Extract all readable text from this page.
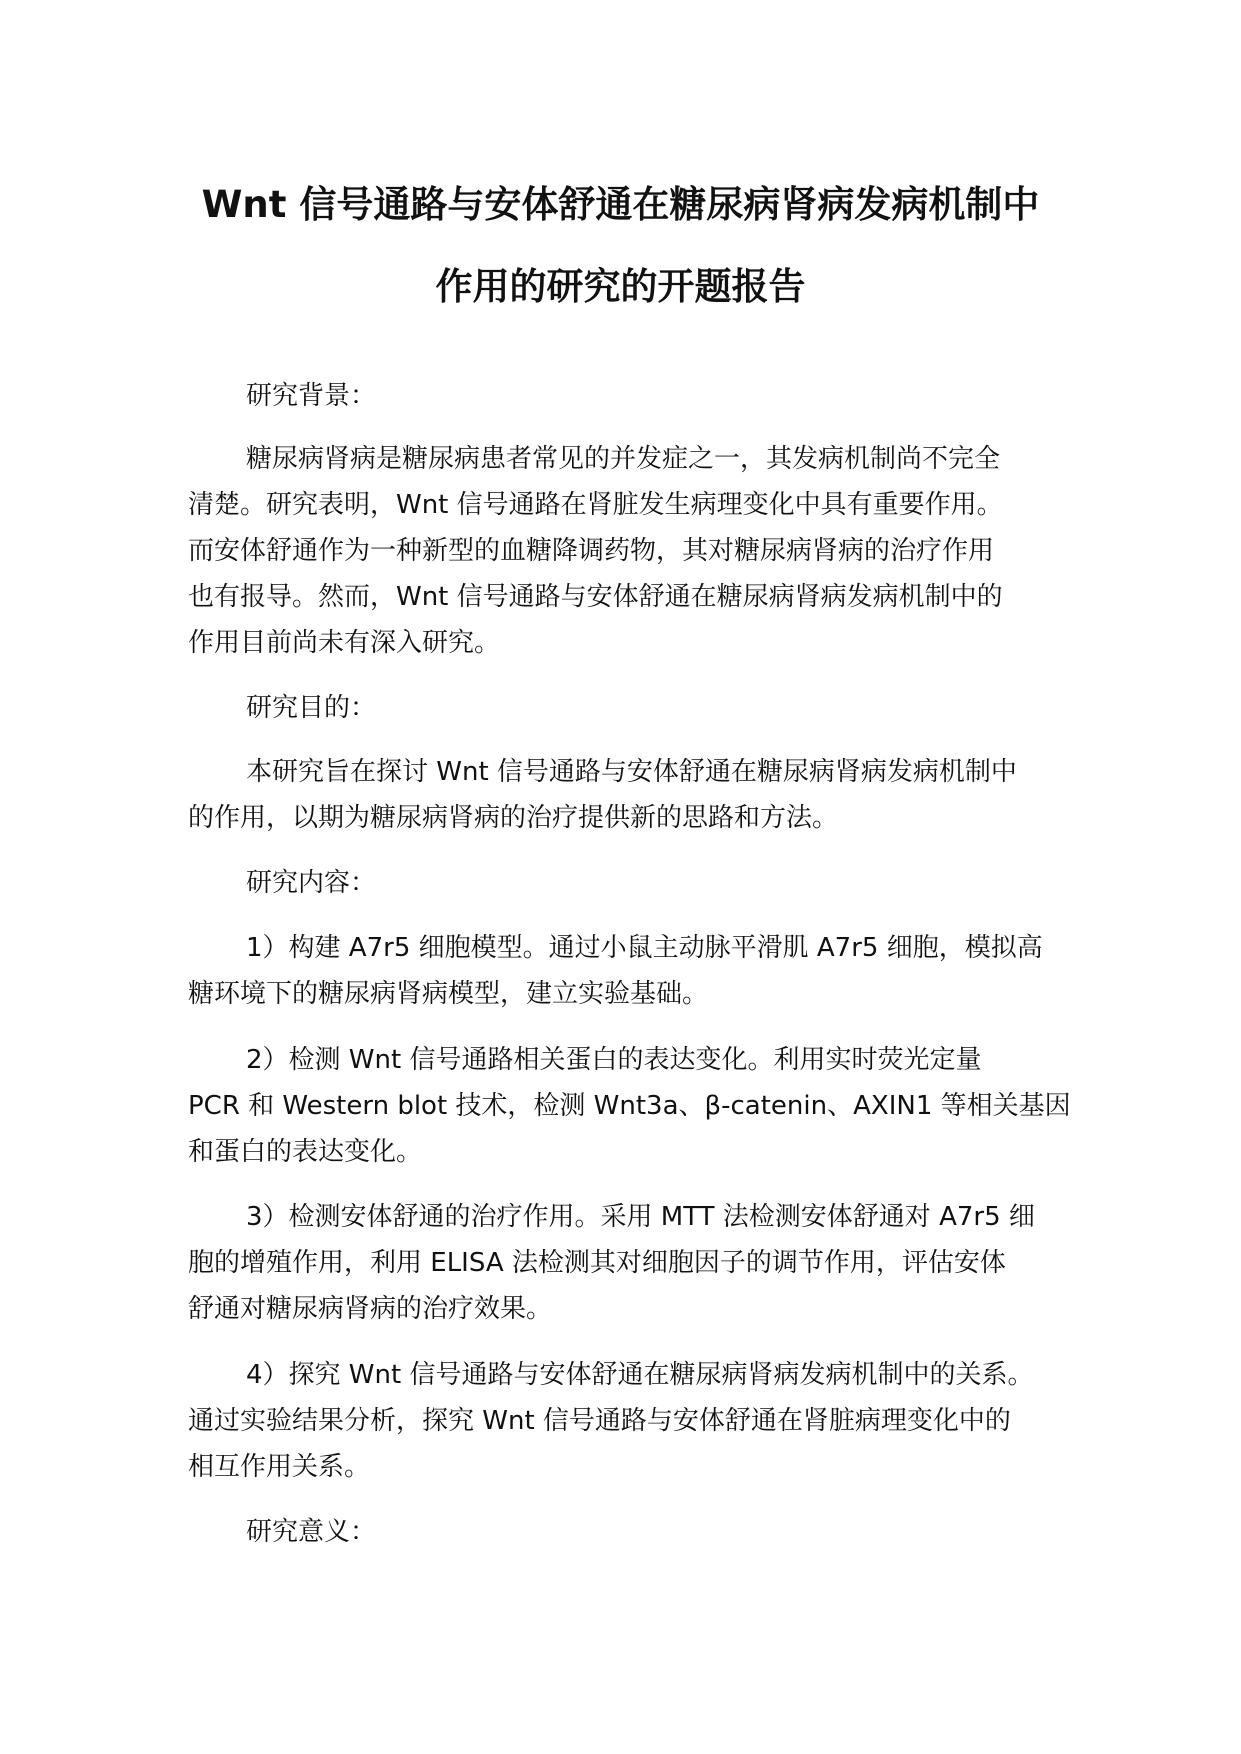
Wnt 信号通路与安体舒通在糖尿病肾病发病机制中
作用的研究的开题报告

研究背景：

糖尿病肾病是糖尿病患者常见的并发症之一，其发病机制尚不完全

清楚。研究表明，Wnt 信号通路在肾脏发生病理变化中具有重要作用。

而安体舒通作为一种新型的血糖降调药物，其对糖尿病肾病的治疗作用

也有报导。然而，Wnt 信号通路与安体舒通在糖尿病肾病发病机制中的

作用目前尚未有深入研究。

研究目的：

本研究旨在探讨 Wnt 信号通路与安体舒通在糖尿病肾病发病机制中

的作用，以期为糖尿病肾病的治疗提供新的思路和方法。

研究内容：

1）构建 A7r5 细胞模型。通过小鼠主动脉平滑肌 A7r5 细胞，模拟高

糖环境下的糖尿病肾病模型，建立实验基础。

2）检测 Wnt 信号通路相关蛋白的表达变化。利用实时荧光定量

PCR 和 Western blot 技术，检测 Wnt3a、β-catenin、AXIN1 等相关基因

和蛋白的表达变化。

3）检测安体舒通的治疗作用。采用 MTT 法检测安体舒通对 A7r5 细

胞的增殖作用，利用 ELISA 法检测其对细胞因子的调节作用，评估安体

舒通对糖尿病肾病的治疗效果。

4）探究 Wnt 信号通路与安体舒通在糖尿病肾病发病机制中的关系。

通过实验结果分析，探究 Wnt 信号通路与安体舒通在肾脏病理变化中的

相互作用关系。

研究意义：
